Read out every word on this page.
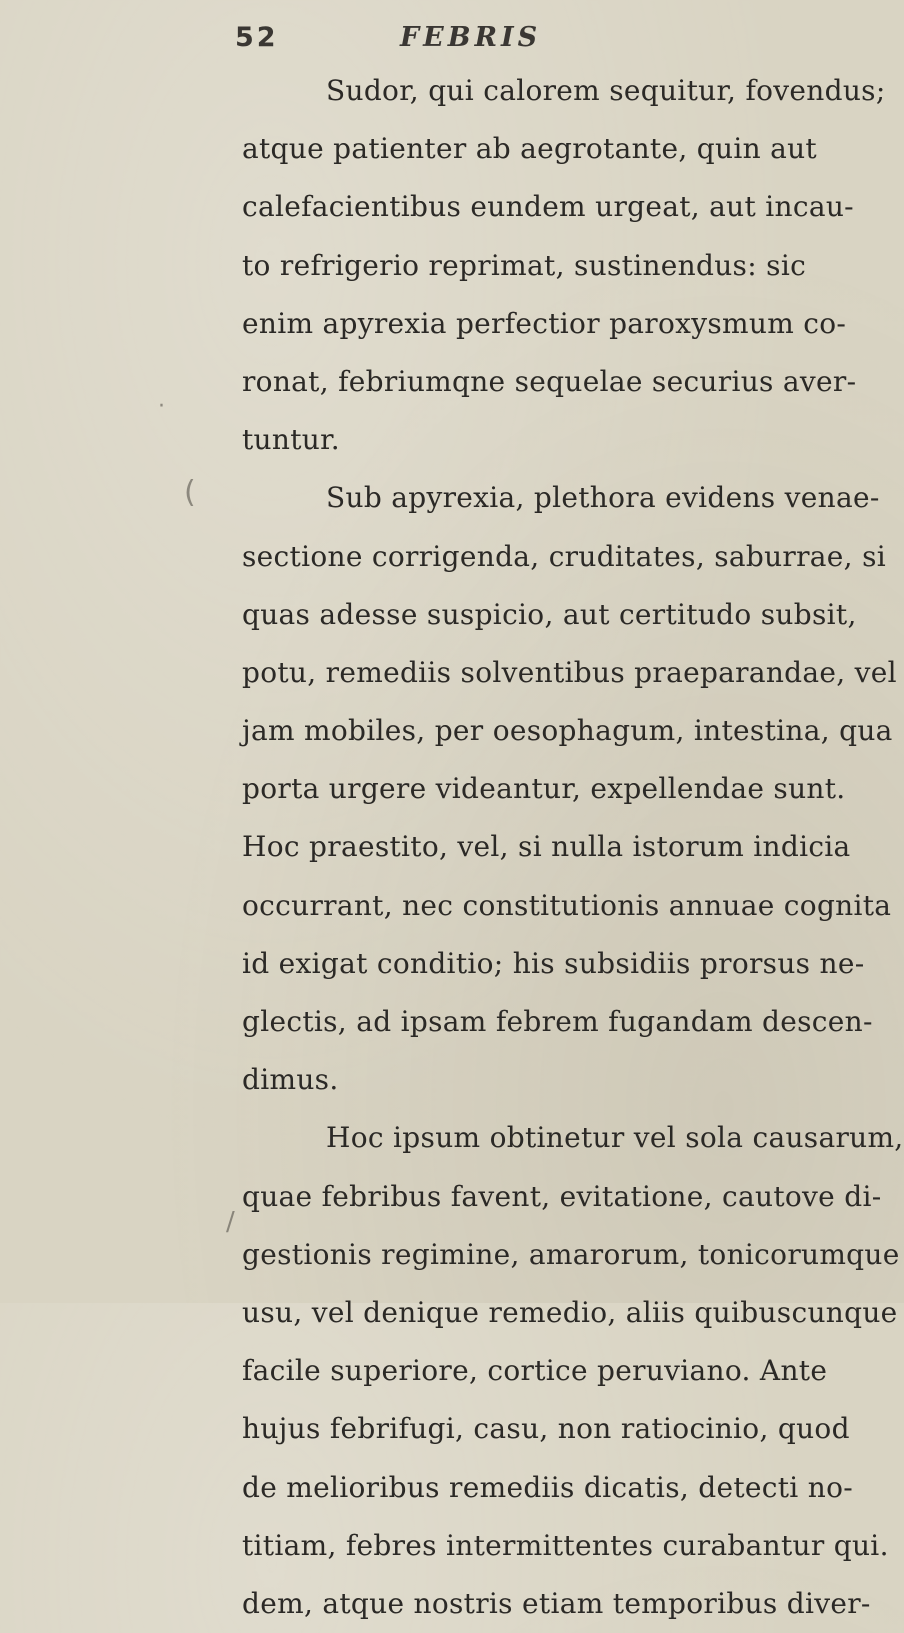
52	FEBRIS
·
(
/
Sudor, qui calorem sequitur, fovendus;
atque patienter ab aegrotante, quin aut
calefacientibus eundem urgeat, aut incau-
to refrigerio reprimat, sustinendus: sic
enim apyrexia perfectior paroxysmum co-
ronat, febriumqne sequelae securius aver-
tuntur.
Sub apyrexia, plethora evidens venae-
sectione corrigenda, cruditates, saburrae, si
quas adesse suspicio, aut certitudo subsit,
potu, remediis solventibus praeparandae, vel
jam mobiles, per oesophagum, intestina, qua
porta urgere videantur, expellendae sunt.
Hoc praestito, vel, si nulla istorum indicia
occurrant, nec constitutionis annuae cognita
id exigat conditio; his subsidiis prorsus ne-
glectis, ad ipsam febrem fugandam descen-
dimus.
Hoc ipsum obtinetur vel sola causarum,
quae febribus favent, evitatione, cautove di-
gestionis regimine, amarorum, tonicorumque
usu, vel denique remedio, aliis quibuscunque
facile superiore, cortice peruviano. Ante
hujus febrifugi, casu, non ratiocinio, quod
de melioribus remediis dicatis, detecti no-
titiam, febres intermittentes curabantur qui.
dem, atque nostris etiam temporibus diver-
